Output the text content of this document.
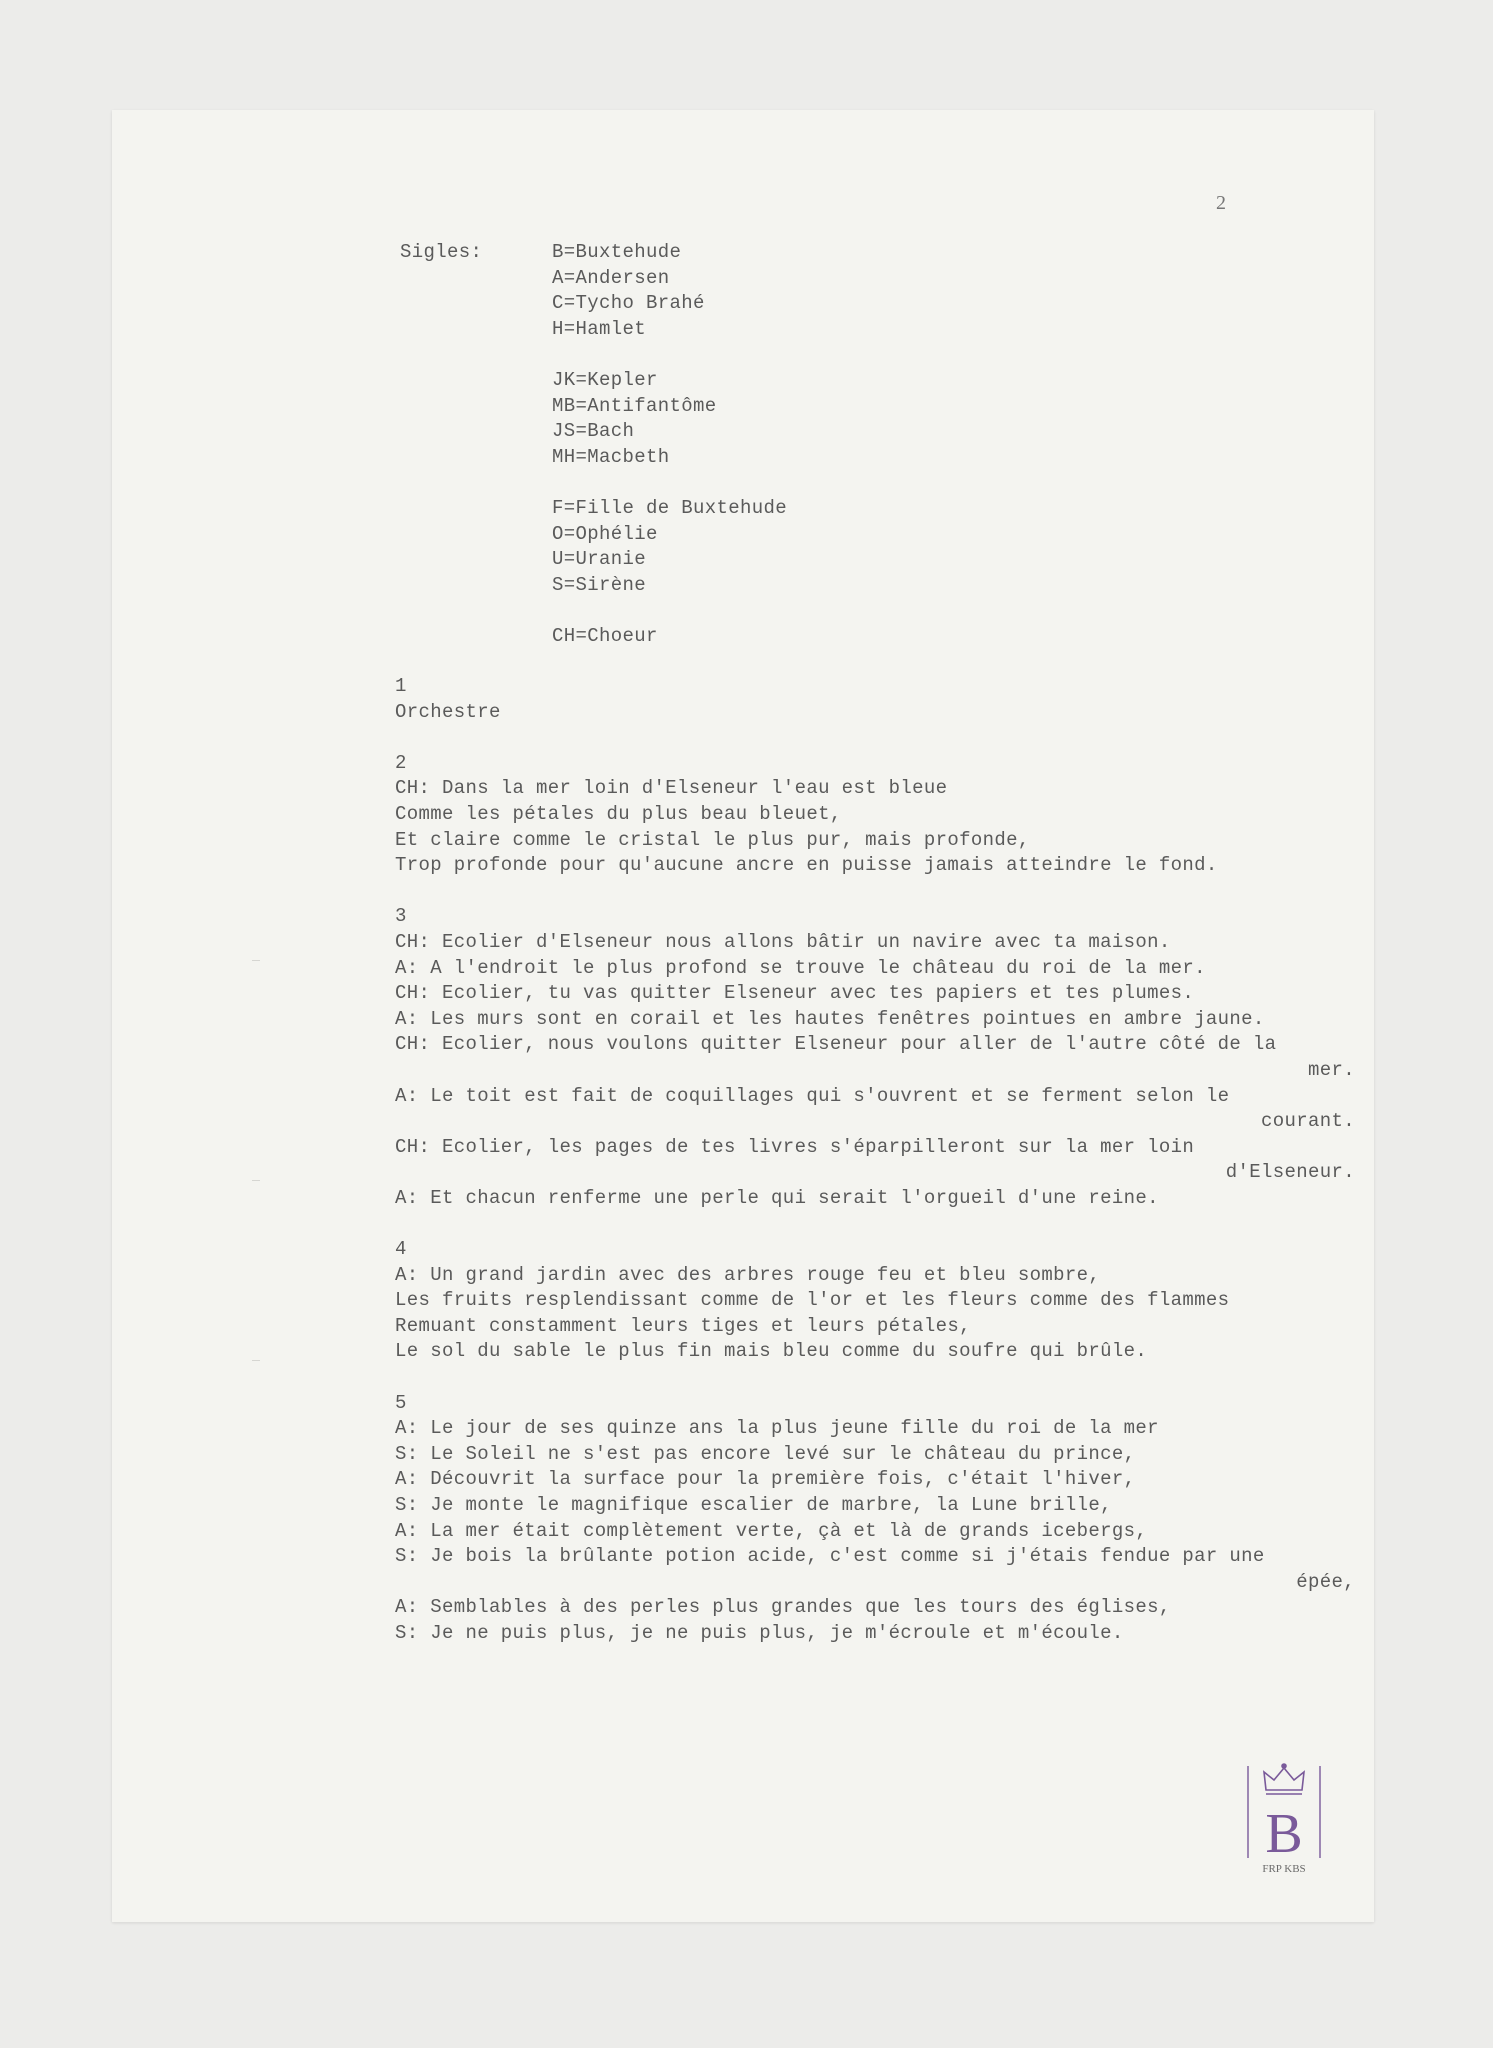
2
Sigles:	B=Buxtehude
A=Andersen
C=Tycho Brahé
H=Hamlet
JK=Kepler
MB=Antifantôme
JS=Bach
MH=Macbeth
F=Fille de Buxtehude
O=Ophélie
U=Uranie
S=Sirène
CH=Choeur
1
Orchestre
2
CH: Dans la mer loin d'Elseneur l'eau est bleue
Comme les pétales du plus beau bleuet,
Et claire comme le cristal le plus pur, mais profonde,
Trop profonde pour qu'aucune ancre en puisse jamais atteindre le fond.
3
CH: Ecolier d'Elseneur nous allons bâtir un navire avec ta maison.
A: A l'endroit le plus profond se trouve le château du roi de la mer.
CH: Ecolier, tu vas quitter Elseneur avec tes papiers et tes plumes.
A: Les murs sont en corail et les hautes fenêtres pointues en ambre jaune.
CH: Ecolier, nous voulons quitter Elseneur pour aller de l'autre côté de la
mer.
A: Le toit est fait de coquillages qui s'ouvrent et se ferment selon le
courant.
CH: Ecolier, les pages de tes livres s'éparpilleront sur la mer loin
d'Elseneur.
A: Et chacun renferme une perle qui serait l'orgueil d'une reine.
4
A: Un grand jardin avec des arbres rouge feu et bleu sombre,
Les fruits resplendissant comme de l'or et les fleurs comme des flammes
Remuant constamment leurs tiges et leurs pétales,
Le sol du sable le plus fin mais bleu comme du soufre qui brûle.
5
A: Le jour de ses quinze ans la plus jeune fille du roi de la mer
S: Le Soleil ne s'est pas encore levé sur le château du prince,
A: Découvrit la surface pour la première fois, c'était l'hiver,
S: Je monte le magnifique escalier de marbre, la Lune brille,
A: La mer était complètement verte, çà et là de grands icebergs,
S: Je bois la brûlante potion acide, c'est comme si j'étais fendue par une
épée,
A: Semblables à des perles plus grandes que les tours des églises,
S: Je ne puis plus, je ne puis plus, je m'écroule et m'écoule.
B
FRP KBS
